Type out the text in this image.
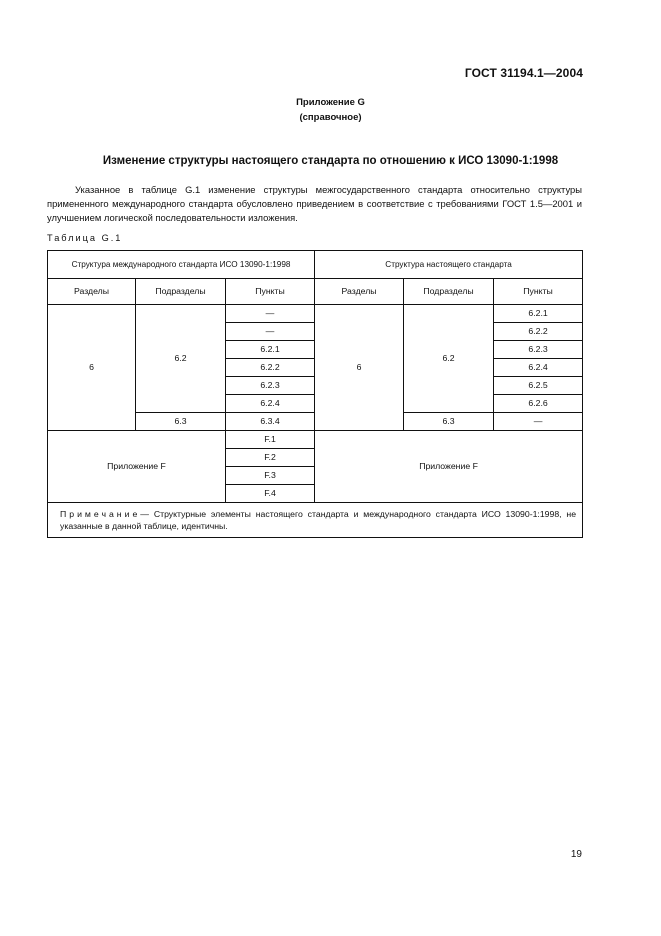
ГОСТ 31194.1—2004
Приложение G
(справочное)
Изменение структуры настоящего стандарта по отношению к ИСО 13090-1:1998

Указанное в таблице G.1 изменение структуры межгосударственного стандарта относительно структуры примененного международного стандарта обусловлено приведением в соответствие с требованиями ГОСТ 1.5—2001 и улучшением логической последовательности изложения.

Таблица G.1
Структура международного стандарта ИСО 13090-1:1998			Структура настоящего стандарта		
Разделы	Подразделы	Пункты	Разделы	Подразделы	Пункты
6	6.2	—	6	6.2	6.2.1
		—			6.2.2
		6.2.1			6.2.3
		6.2.2			6.2.4
		6.2.3			6.2.5
		6.2.4			6.2.6
	6.3	6.3.4		6.3	—
Приложение F		F.1	Приложение F		
		F.2			
		F.3			
		F.4			
Примечание— Структурные элементы настоящего стандарта и международного стандарта ИСО 13090-1:1998, не указанные в данной таблице, идентичны.					
19
